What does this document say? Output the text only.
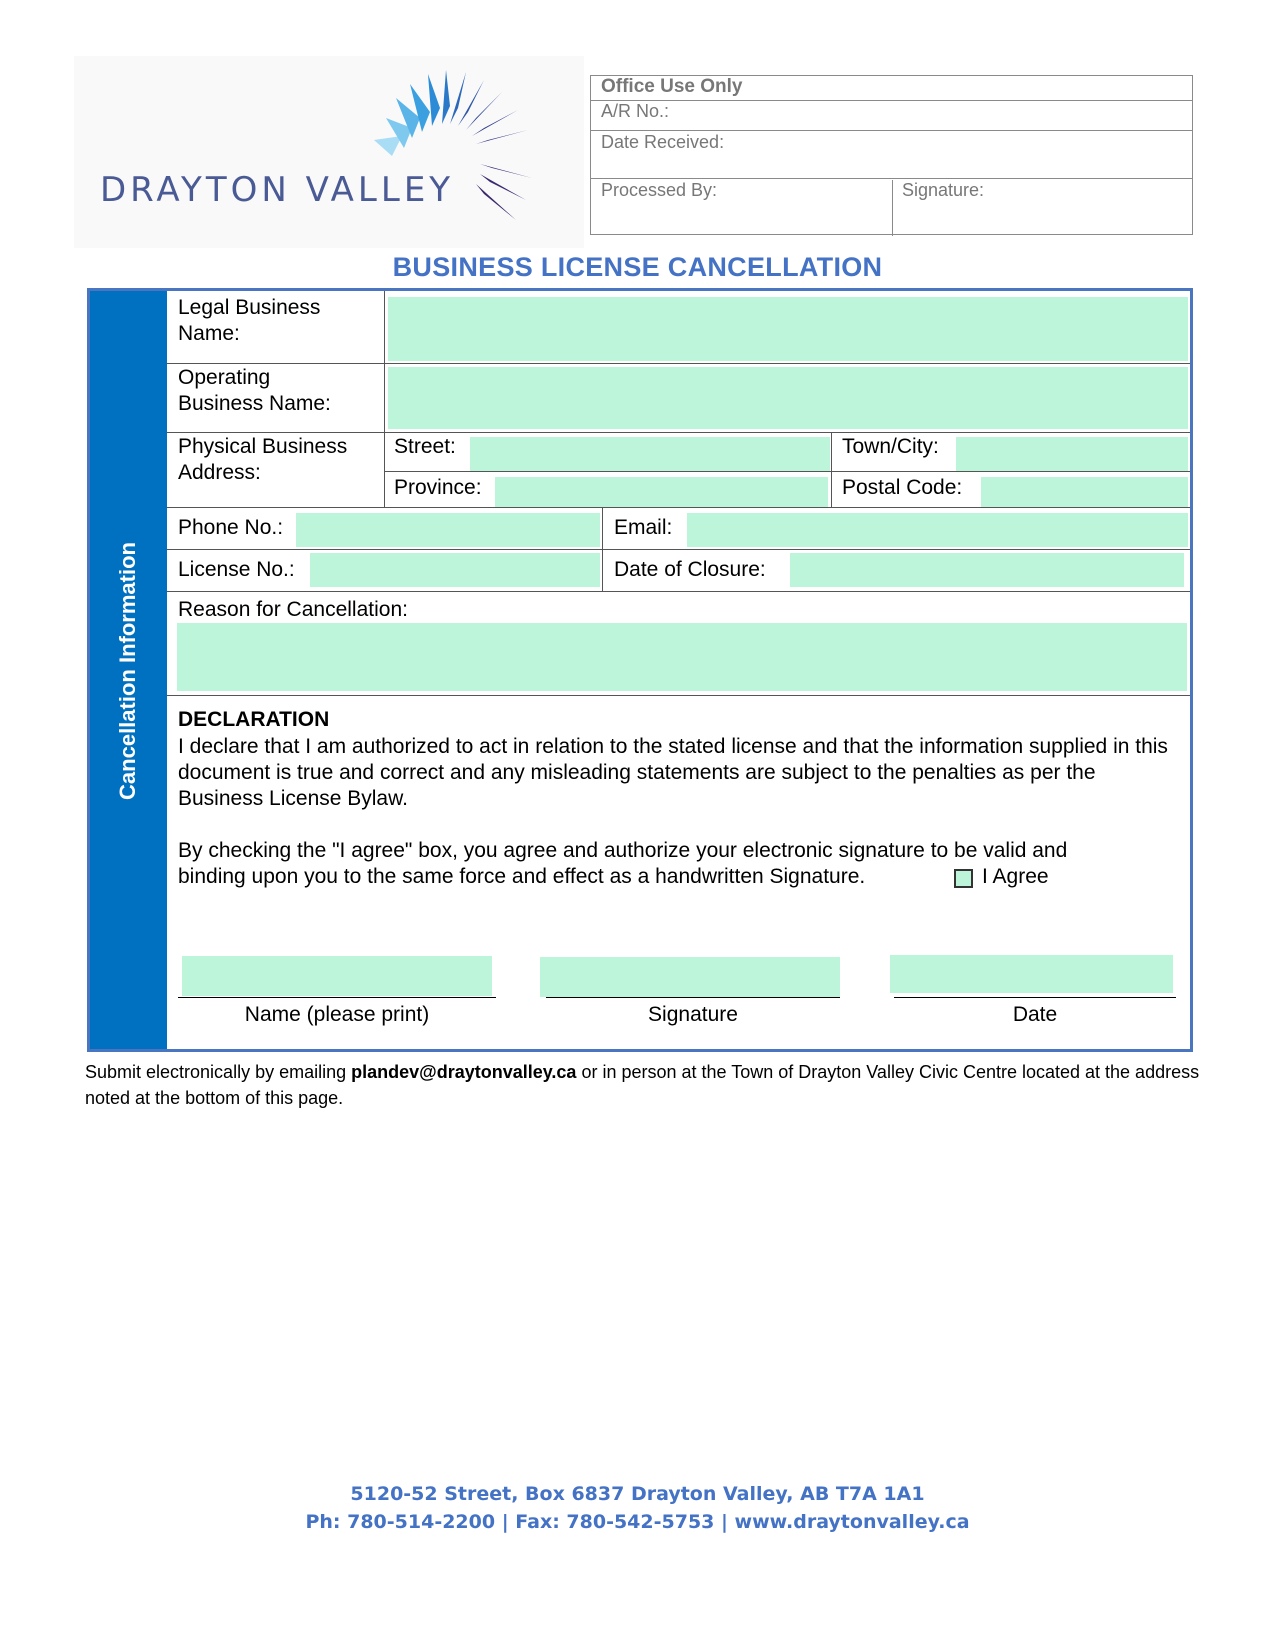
DRAYTON VALLEY
Office Use Only
A/R No.:
Date Received:
Processed By:	Signature:
BUSINESS LICENSE CANCELLATION
Cancellation Information
Legal Business
Name:
Operating
Business Name:
Physical Business
Address:
Street:	Town/City:
Province:	Postal Code:
Phone No.:	Email:
License No.:	Date of Closure:
Reason for Cancellation:
DECLARATION
I declare that I am authorized to act in relation to the stated license and that the information supplied in this document is true and correct and any misleading statements are subject to the penalties as per the Business License Bylaw.
By checking the "I agree" box, you agree and authorize your electronic signature to be valid and binding upon you to the same force and effect as a handwritten Signature.	I Agree
Name (please print)	Signature	Date
Submit electronically by emailing plandev@draytonvalley.ca or in person at the Town of Drayton Valley Civic Centre located at the address noted at the bottom of this page.
5120-52 Street, Box 6837 Drayton Valley, AB T7A 1A1
Ph: 780-514-2200 | Fax: 780-542-5753 | www.draytonvalley.ca
